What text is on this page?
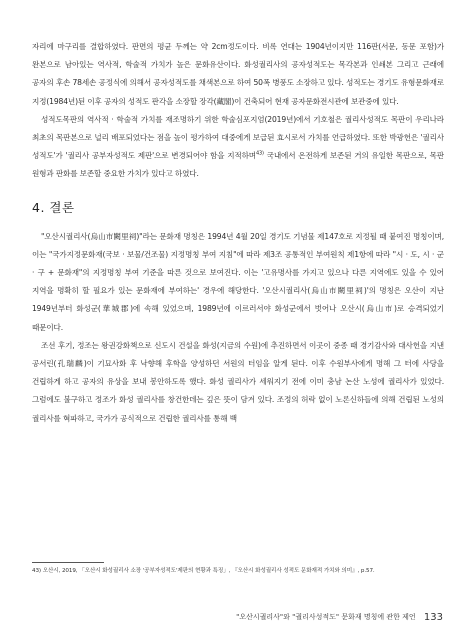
자리에 마구리를 결합하였다. 판면의 평균 두께는 약 2cm정도이다. 비록 연대는 1904년이지만 116판(서문, 동문 포함)가 완본으로 남아있는 역사적, 학술적 가치가 높은 문화유산이다. 화성궐리사의 공자성적도는 목각본과 인쇄본 그리고 근래에 공자의 후손 78세손 공정식에 의해서 공자성적도를 채색본으로 하여 50폭 병풍도 소장하고 있다. 성적도는 경기도 유형문화재로 지정(1984년)된 이후 공자의 성적도 판각을 소장할 장각(藏閣)이 건축되어 현재 공자문화전시관에 보관중에 있다.

성적도목판의 역사적 · 학술적 가치를 재조명하기 위한 학술심포지엄(2019년)에서 기호철은 궐리사성적도 목판이 우리나라 최초의 목판본으로 널리 배포되었다는 점을 높이 평가하여 대중에게 보급된 효시로서 가치를 언급하였다. 또한 박광헌은 '궐리사 성적도'가 '궐리사 공부자성적도 제판'으로 변경되어야 함을 지적하며$^{43)}$ 국내에서 온전하게 보존된 거의 유일한 목판으로, 목판 원형과 판화를 보존할 중요한 가치가 있다고 하였다.

4. 결론

"오산시궐리사(烏山市闕里祠)"라는 문화재 명칭은 1994년 4월 20일 경기도 기념물 제147호로 지정될 때 붙여진 명칭이며, 이는 "국가지정문화재(국보 · 보물/건조물) 지정명칭 부여 지침"에 따라 제3조 공통적인 부여원칙 제1항에 따라 "시 · 도, 시 · 군 · 구 + 문화재"의 지정명칭 부여 기준을 따른 것으로 보여진다. 이는 '고유명사를 가지고 있으나 다른 지역에도 있을 수 있어 지역을 명확히 할 필요가 있는 문화재에 부여하는' 경우에 해당한다. '오산시궐리사(烏山市闕里祠)'의 명칭은 오산이 지난 1949년부터 화성군(華城郡)에 속해 있었으며, 1989년에 이르러서야 화성군에서 벗어나 오산시(烏山市)로 승격되었기 때문이다.

조선 후기, 정조는 왕권강화책으로 신도시 건설을 화성(지금의 수원)에 추진하면서 이곳이 중종 때 경기감사와 대사헌을 지낸 공서린(孔瑞麟)이 기묘사화 후 낙향해 후학을 양성하던 서원의 터임을 알게 된다. 이후 수원부사에게 명해 그 터에 사당을 건립하게 하고 공자의 유상을 보내 봉안하도록 했다. 화성 궐리사가 세워지기 전에 이미 충남 논산 노성에 궐리사가 있었다. 그럼에도 불구하고 정조가 화성 궐리사를 창건한데는 깊은 뜻이 담겨 있다. 조정의 허락 없이 노론신하들에 의해 건립된 노성의 궐리사를 혁파하고, 국가가 공식적으로 건립한 궐리사를 통해 백

43) 오산시, 2019, 「오산시 화성궐리사 소장 '공부자성적도'제판의 현황과 특징」, 『오산시 화성궐리사 성적도 문화재적 가치와 의미』, p.57.
"오산시궐리사"와 "궐리사성적도" 문화재 명칭에 관한 제언 133
